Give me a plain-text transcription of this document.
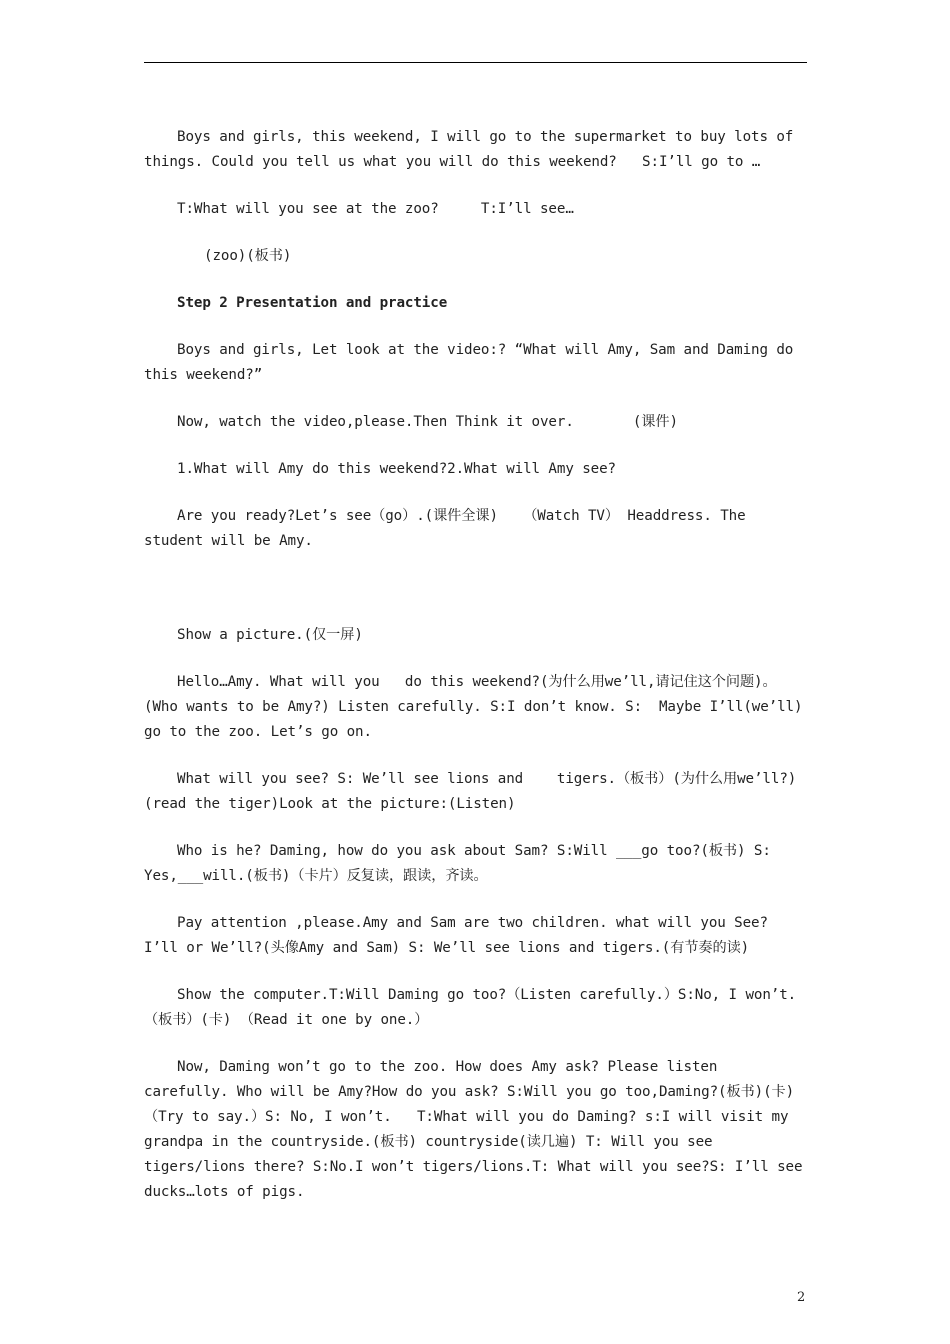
Boys and girls, this weekend, I will go to the supermarket to buy lots of things. Could you tell us what you will do this weekend?   S:I’ll go to …

T:What will you see at the zoo?     T:I’ll see…

(zoo)(板书)

Step 2 Presentation and practice

Boys and girls, Let look at the video:? “What will Amy, Sam and Daming do this weekend?”

Now, watch the video,please.Then Think it over.       (课件)

1.What will Amy do this weekend?2.What will Amy see?

Are you ready?Let’s see（go）.(课件全课)   （Watch TV） Headdress. The student will be Amy.

Show a picture.(仅一屏)

Hello…Amy. What will you   do this weekend?(为什么用we’ll,请记住这个问题)。(Who wants to be Amy?) Listen carefully. S:I don’t know. S:  Maybe I’ll(we’ll) go to the zoo. Let’s go on.

What will you see? S: We’ll see lions and    tigers.（板书）(为什么用we’ll?) (read the tiger)Look at the picture:(Listen)

Who is he? Daming, how do you ask about Sam? S:Will ___go too?(板书) S: Yes,___will.(板书)（卡片）反复读，跟读，齐读。

Pay attention ,please.Amy and Sam are two children. what will you See? I’ll or We’ll?(头像Amy and Sam) S: We’ll see lions and tigers.(有节奏的读)

Show the computer.T:Will Daming go too?（Listen carefully.）S:No, I won’t.（板书）(卡) （Read it one by one.）

Now, Daming won’t go to the zoo. How does Amy ask? Please listen carefully. Who will be Amy?How do you ask? S:Will you go too,Daming?(板书)(卡)（Try to say.）S: No, I won’t.   T:What will you do Daming? s:I will visit my grandpa in the countryside.(板书) countryside(读几遍) T: Will you see tigers/lions there? S:No.I won’t tigers/lions.T: What will you see?S: I’ll see ducks…lots of pigs.

2
